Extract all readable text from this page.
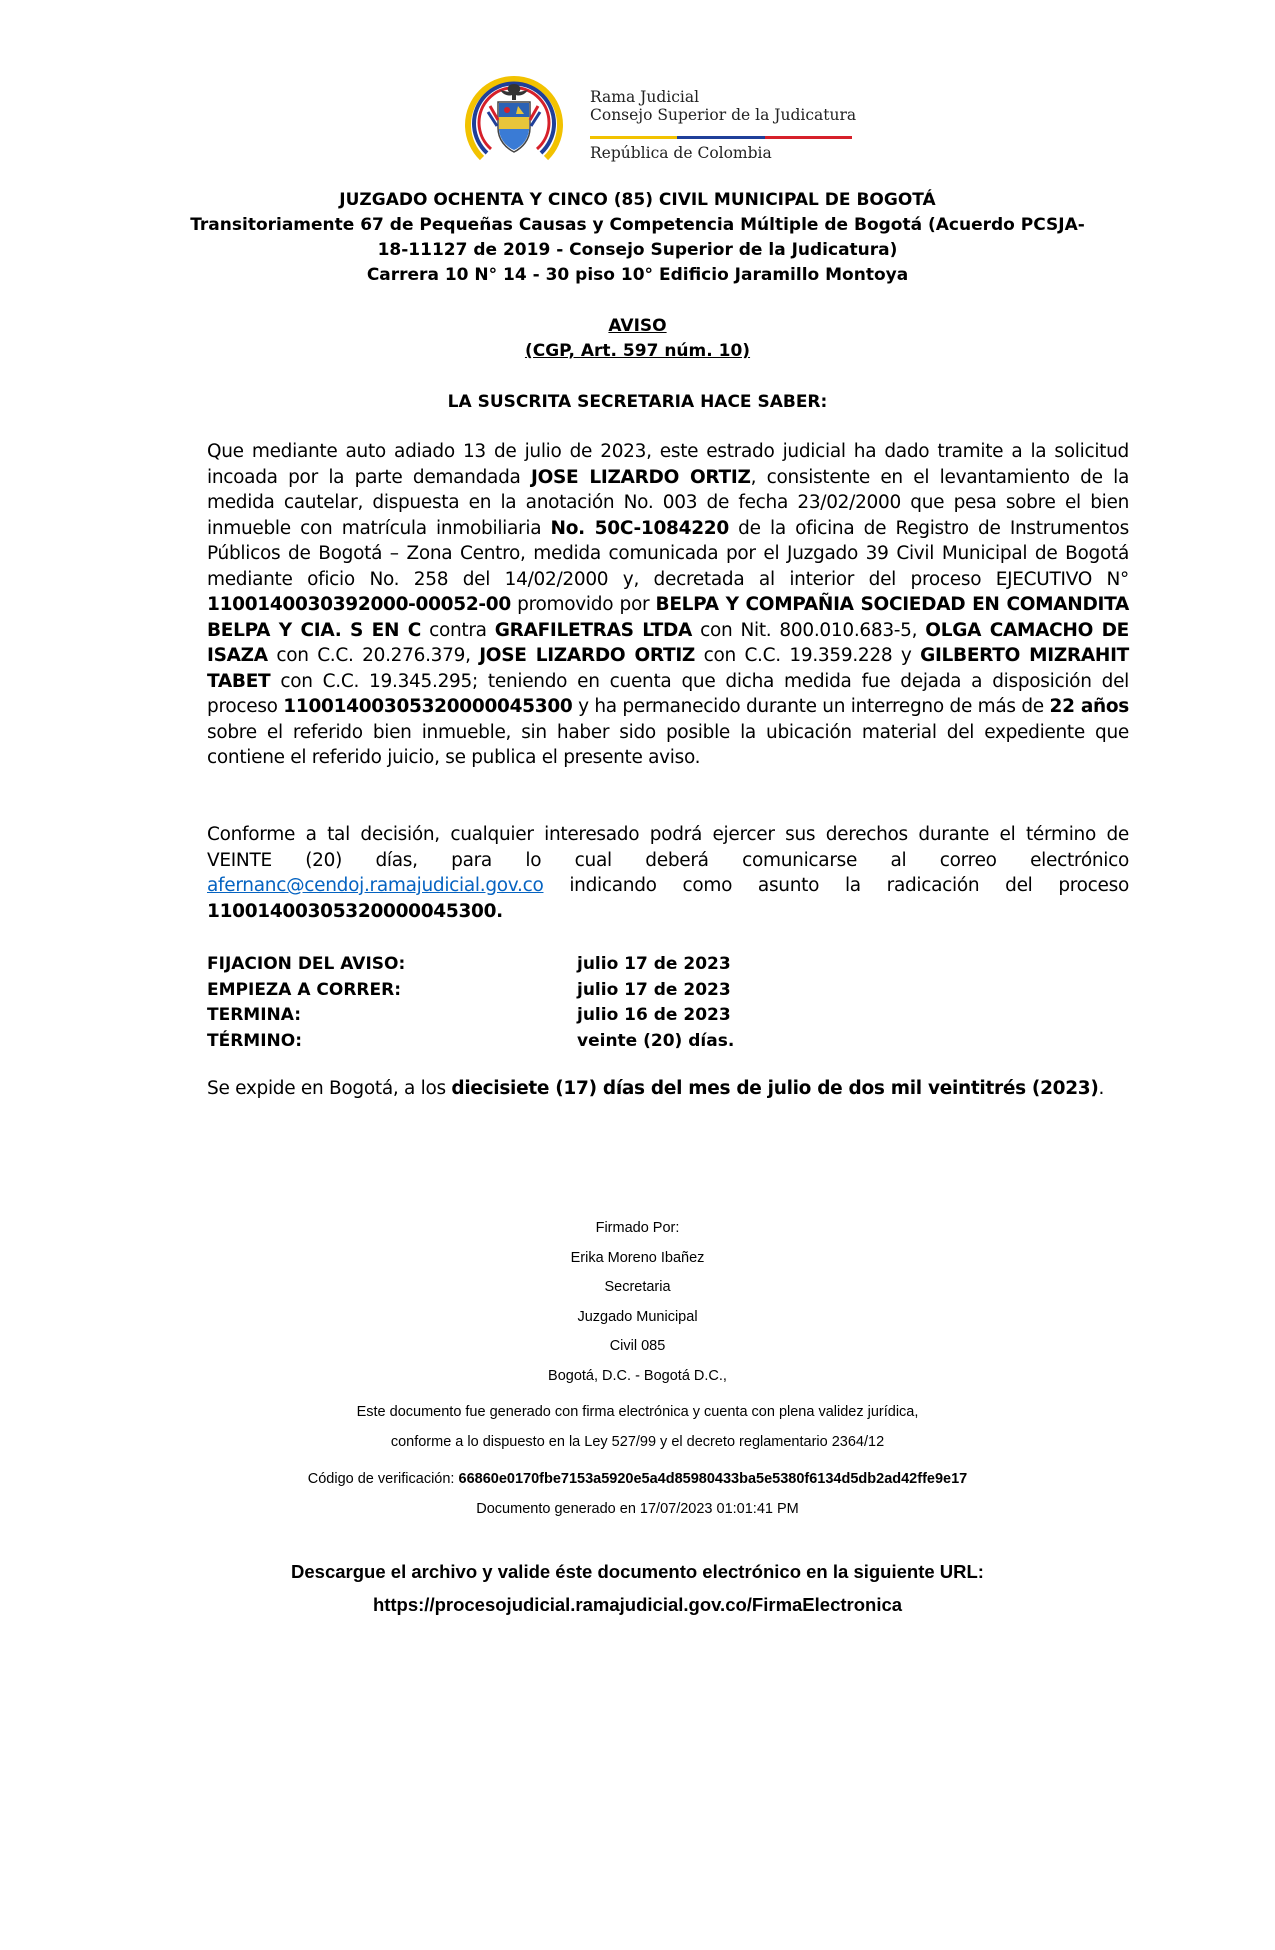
Rama Judicial
Consejo Superior de la Judicatura
República de Colombia
JUZGADO OCHENTA Y CINCO (85) CIVIL MUNICIPAL DE BOGOTÁ
Transitoriamente 67 de Pequeñas Causas y Competencia Múltiple de Bogotá (Acuerdo PCSJA-
18-11127 de 2019 - Consejo Superior de la Judicatura)
Carrera 10 N° 14 - 30 piso 10° Edificio Jaramillo Montoya
AVISO
(CGP, Art. 597 núm. 10)
LA SUSCRITA SECRETARIA HACE SABER:
Que mediante auto adiado 13 de julio de 2023, este estrado judicial ha dado tramite a la solicitud incoada por la parte demandada JOSE LIZARDO ORTIZ, consistente en el levantamiento de la medida cautelar, dispuesta en la anotación No. 003 de fecha 23/02/2000 que pesa sobre el bien inmueble con matrícula inmobiliaria No. 50C-1084220 de la oficina de Registro de Instrumentos Públicos de Bogotá – Zona Centro, medida comunicada por el Juzgado 39 Civil Municipal de Bogotá mediante oficio No. 258 del 14/02/2000 y, decretada al interior del proceso EJECUTIVO N° 1100140030392000-00052-00 promovido por BELPA Y COMPAÑIA SOCIEDAD EN COMANDITA BELPA Y CIA. S EN C contra GRAFILETRAS LTDA con Nit. 800.010.683-5, OLGA CAMACHO DE ISAZA con C.C. 20.276.379, JOSE LIZARDO ORTIZ con C.C. 19.359.228 y GILBERTO MIZRAHIT TABET con C.C. 19.345.295; teniendo en cuenta que dicha medida fue dejada a disposición del proceso 11001400305320000045300 y ha permanecido durante un interregno de más de 22 años sobre el referido bien inmueble, sin haber sido posible la ubicación material del expediente que contiene el referido juicio, se publica el presente aviso.
Conforme a tal decisión, cualquier interesado podrá ejercer sus derechos durante el término de VEINTE (20) días, para lo cual deberá comunicarse al correo electrónico afernanc@cendoj.ramajudicial.gov.co indicando como asunto la radicación del proceso 11001400305320000045300.
FIJACION DEL AVISO:	julio 17 de 2023
EMPIEZA A CORRER:	julio 17 de 2023
TERMINA:	julio 16 de 2023
TÉRMINO:	veinte (20) días.
Se expide en Bogotá, a los diecisiete (17) días del mes de julio de dos mil veintitrés (2023).
Firmado Por:
Erika Moreno Ibañez
Secretaria
Juzgado Municipal
Civil 085
Bogotá, D.C. - Bogotá D.C.,
Este documento fue generado con firma electrónica y cuenta con plena validez jurídica,
conforme a lo dispuesto en la Ley 527/99 y el decreto reglamentario 2364/12
Código de verificación: 66860e0170fbe7153a5920e5a4d85980433ba5e5380f6134d5db2ad42ffe9e17
Documento generado en 17/07/2023 01:01:41 PM
Descargue el archivo y valide éste documento electrónico en la siguiente URL:
https://procesojudicial.ramajudicial.gov.co/FirmaElectronica
